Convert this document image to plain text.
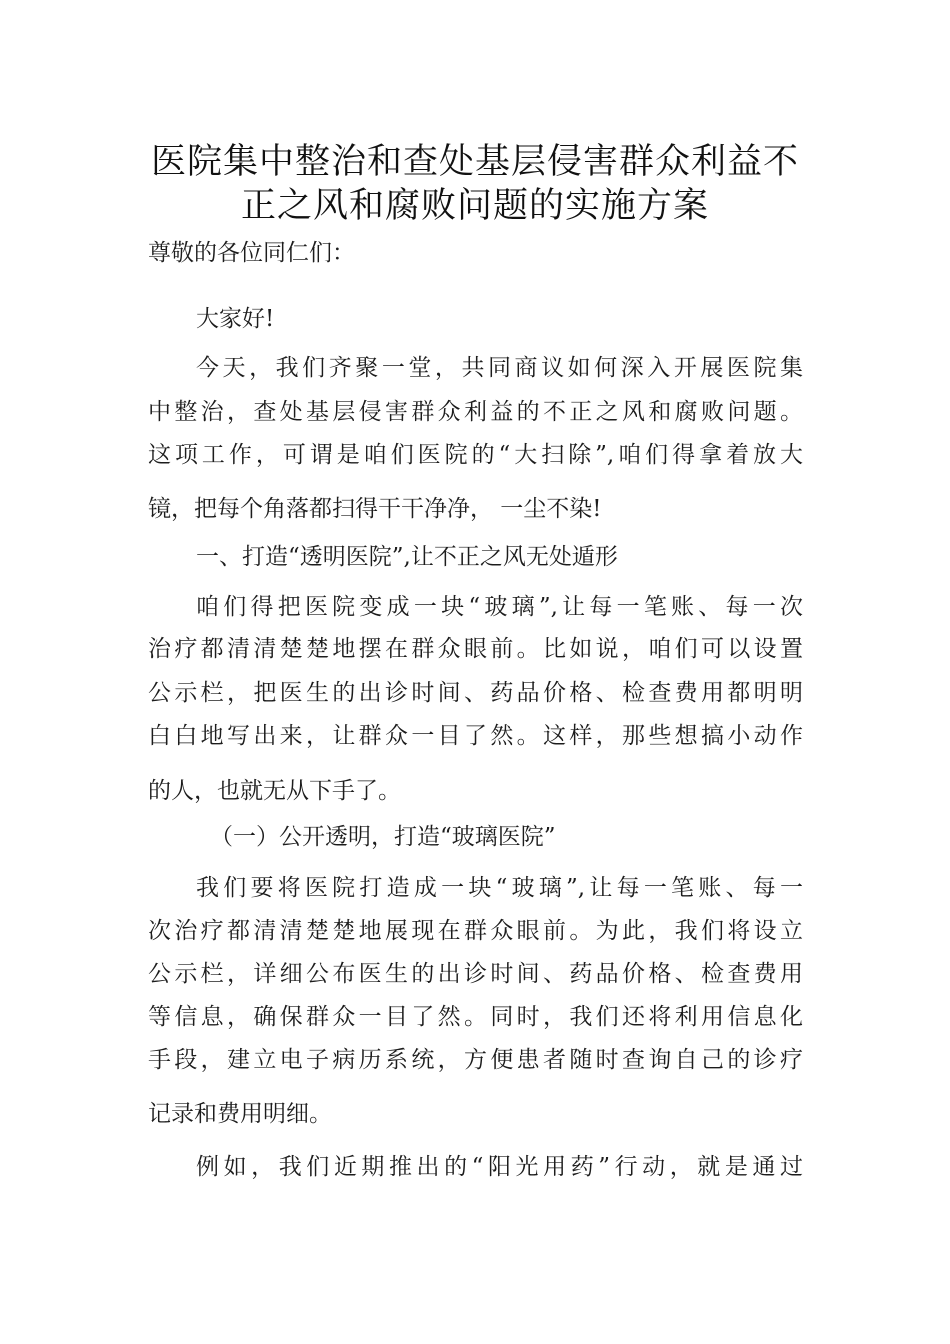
医院集中整治和查处基层侵害群众利益不
正之风和腐败问题的实施方案
尊敬的各位同仁们：
大家好!
今天，我们齐聚一堂，共同商议如何深入开展医院集
中整治，查处基层侵害群众利益的不正之风和腐败问题。
这项工作，可谓是咱们医院的“大扫除”,咱们得拿着放大
镜，把每个角落都扫得干干净净， 一尘不染!
一、打造“透明医院”,让不正之风无处遁形
咱们得把医院变成一块“玻璃”,让每一笔账、每一次
治疗都清清楚楚地摆在群众眼前。比如说，咱们可以设置
公示栏，把医生的出诊时间、药品价格、检查费用都明明
白白地写出来，让群众一目了然。这样，那些想搞小动作
的人，也就无从下手了。
（一）公开透明，打造“玻璃医院”
我们要将医院打造成一块“玻璃”,让每一笔账、每一
次治疗都清清楚楚地展现在群众眼前。为此，我们将设立
公示栏，详细公布医生的出诊时间、药品价格、检查费用
等信息，确保群众一目了然。同时，我们还将利用信息化
手段，建立电子病历系统，方便患者随时查询自己的诊疗
记录和费用明细。
例如，我们近期推出的“阳光用药”行动，就是通过
